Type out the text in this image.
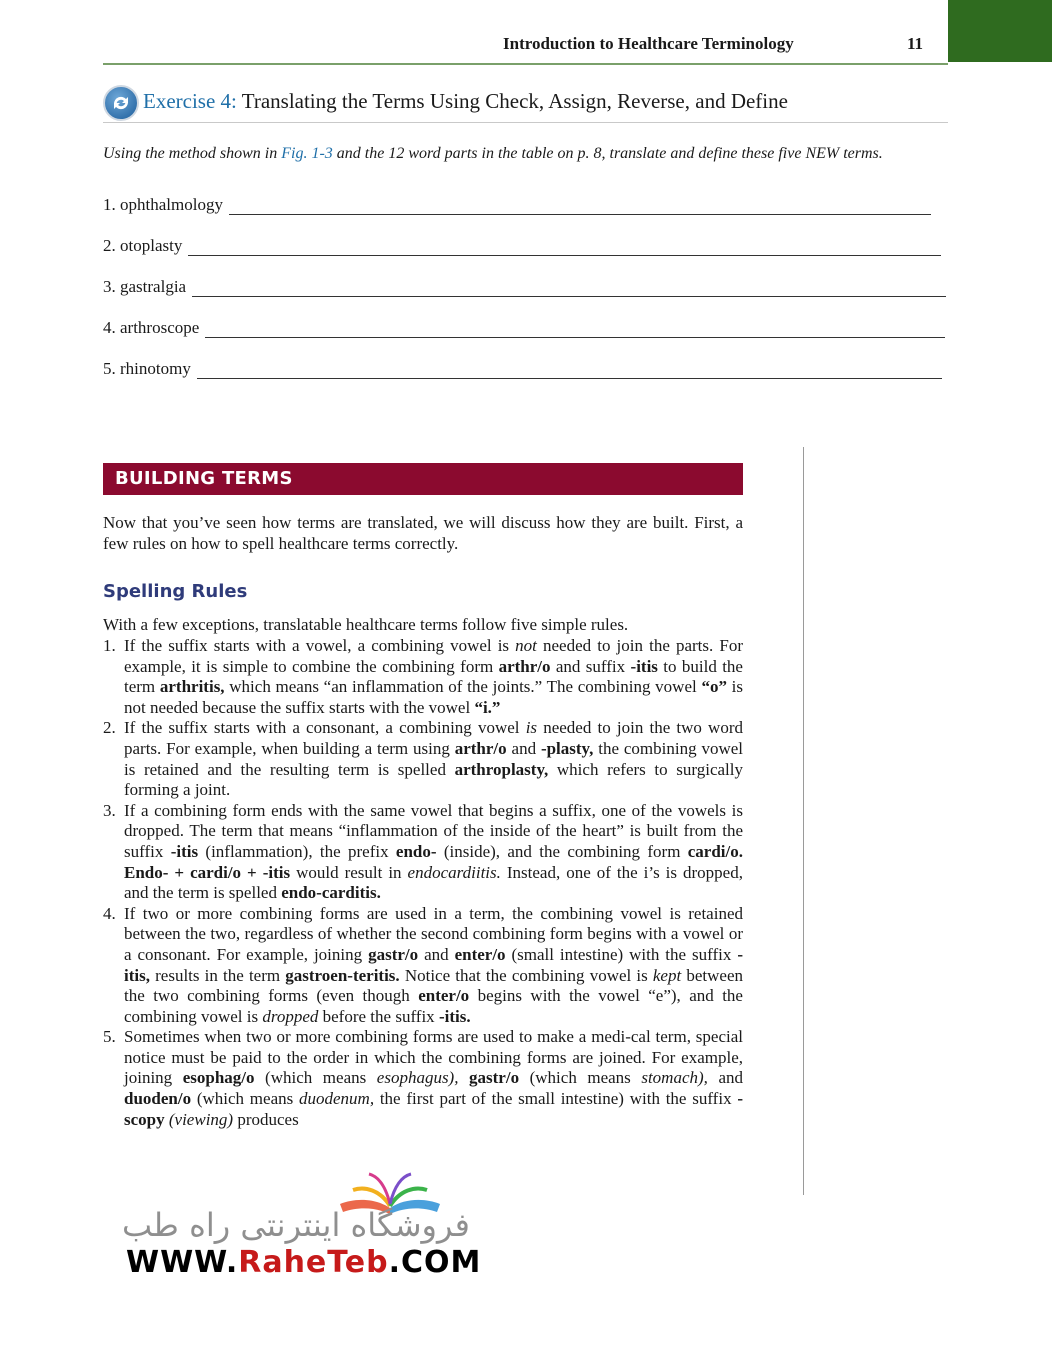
Introduction to Healthcare Terminology	11
Exercise 4: Translating the Terms Using Check, Assign, Reverse, and Define
Using the method shown in Fig. 1-3 and the 12 word parts in the table on p. 8, translate and define these five NEW terms.
1. ophthalmology
2. otoplasty
3. gastralgia
4. arthroscope
5. rhinotomy
BUILDING TERMS
Now that you’ve seen how terms are translated, we will discuss how they are built. First, a few rules on how to spell healthcare terms correctly.
Spelling Rules
With a few exceptions, translatable healthcare terms follow five simple rules.
1. If the suffix starts with a vowel, a combining vowel is not needed to join the parts. For example, it is simple to combine the combining form arthr/o and suffix -itis to build the term arthritis, which means “an inflammation of the joints.” The combining vowel “o” is not needed because the suffix starts with the vowel “i.”
2. If the suffix starts with a consonant, a combining vowel is needed to join the two word parts. For example, when building a term using arthr/o and -plasty, the combining vowel is retained and the resulting term is spelled arthroplasty, which refers to surgically forming a joint.
3. If a combining form ends with the same vowel that begins a suffix, one of the vowels is dropped. The term that means “inflammation of the inside of the heart” is built from the suffix -itis (inflammation), the prefix endo- (inside), and the combining form cardi/o. Endo- + cardi/o + -itis would result in endocardiitis. Instead, one of the i’s is dropped, and the term is spelled endo-carditis.
4. If two or more combining forms are used in a term, the combining vowel is retained between the two, regardless of whether the second combining form begins with a vowel or a consonant. For example, joining gastr/o and enter/o (small intestine) with the suffix -itis, results in the term gastroen-teritis. Notice that the combining vowel is kept between the two combining forms (even though enter/o begins with the vowel “e”), and the combining vowel is dropped before the suffix -itis.
5. Sometimes when two or more combining forms are used to make a medi-cal term, special notice must be paid to the order in which the combining forms are joined. For example, joining esophag/o (which means esophagus), gastr/o (which means stomach), and duoden/o (which means duodenum, the first part of the small intestine) with the suffix -scopy (viewing) produces
فروشگاه اینترنتی راه طب
WWW.RaheTeb.COM
